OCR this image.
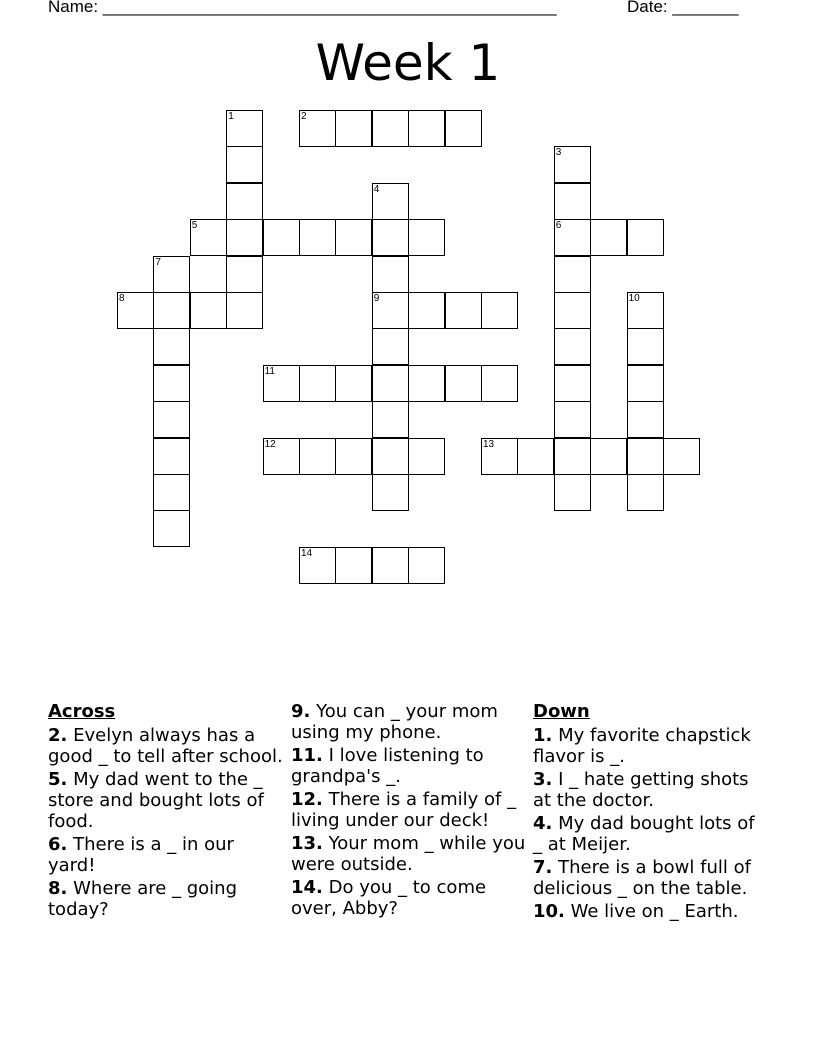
Name: ________________________________________________	Date: _______
Week 1
2
5	6
8	9
11
12	13
14
1
3
4
7
10
Across
2. Evelyn always has a good _ to tell after school.
5. My dad went to the _ store and bought lots of food.
6. There is a _ in our yard!
8. Where are _ going today?
9. You can _ your mom using my phone.
11. I love listening to grandpa's _.
12. There is a family of _ living under our deck!
13. Your mom _ while you were outside.
14. Do you _ to come over, Abby?
Down
1. My favorite chapstick flavor is _.
3. I _ hate getting shots at the doctor.
4. My dad bought lots of _ at Meijer.
7. There is a bowl full of delicious _ on the table.
10. We live on _ Earth.
